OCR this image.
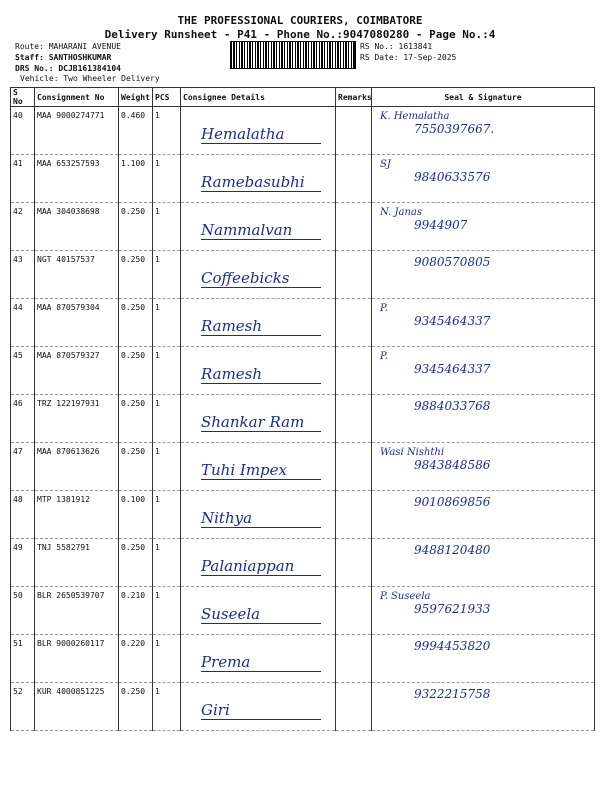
THE PROFESSIONAL COURIERS, COIMBATORE
Delivery Runsheet - P41 - Phone No.:9047080280 - Page No.:4
Route: MAHARANI AVENUE
Staff: SANTHOSHKUMAR
DRS No.: DCJB161384104
Vehicle: Two Wheeler Delivery
RS No.: 1613841
RS Date: 17-Sep-2025
S No	Consignment No	Weight	PCS	Consignee Details	Remarks	Seal & Signature
40	MAA 9000274771	0.460	1	Hemalatha		K. Hemalatha
7550397667.

41	MAA 653257593	1.100	1	Ramebasubhi		SJ
9840633576

42	MAA 304038698	0.250	1	Nammalvan		N. Janas
9944907

43	NGT 40157537	0.250	1	Coffeebicks		9080570805

44	MAA 870579304	0.250	1	Ramesh		P.
9345464337

45	MAA 870579327	0.250	1	Ramesh		P.
9345464337

46	TRZ 122197931	0.250	1	Shankar Ram		9884033768

47	MAA 870613626	0.250	1	Tuhi Impex		Wasi Nishthi
9843848586

48	MTP 1381912	0.100	1	Nithya		9010869856

49	TNJ 5582791	0.250	1	Palaniappan		9488120480

50	BLR 2650539707	0.210	1	Suseela		P. Suseela
9597621933

51	BLR 9000260117	0.220	1	Prema		9994453820

52	KUR 4000851225	0.250	1	Giri		9322215758
